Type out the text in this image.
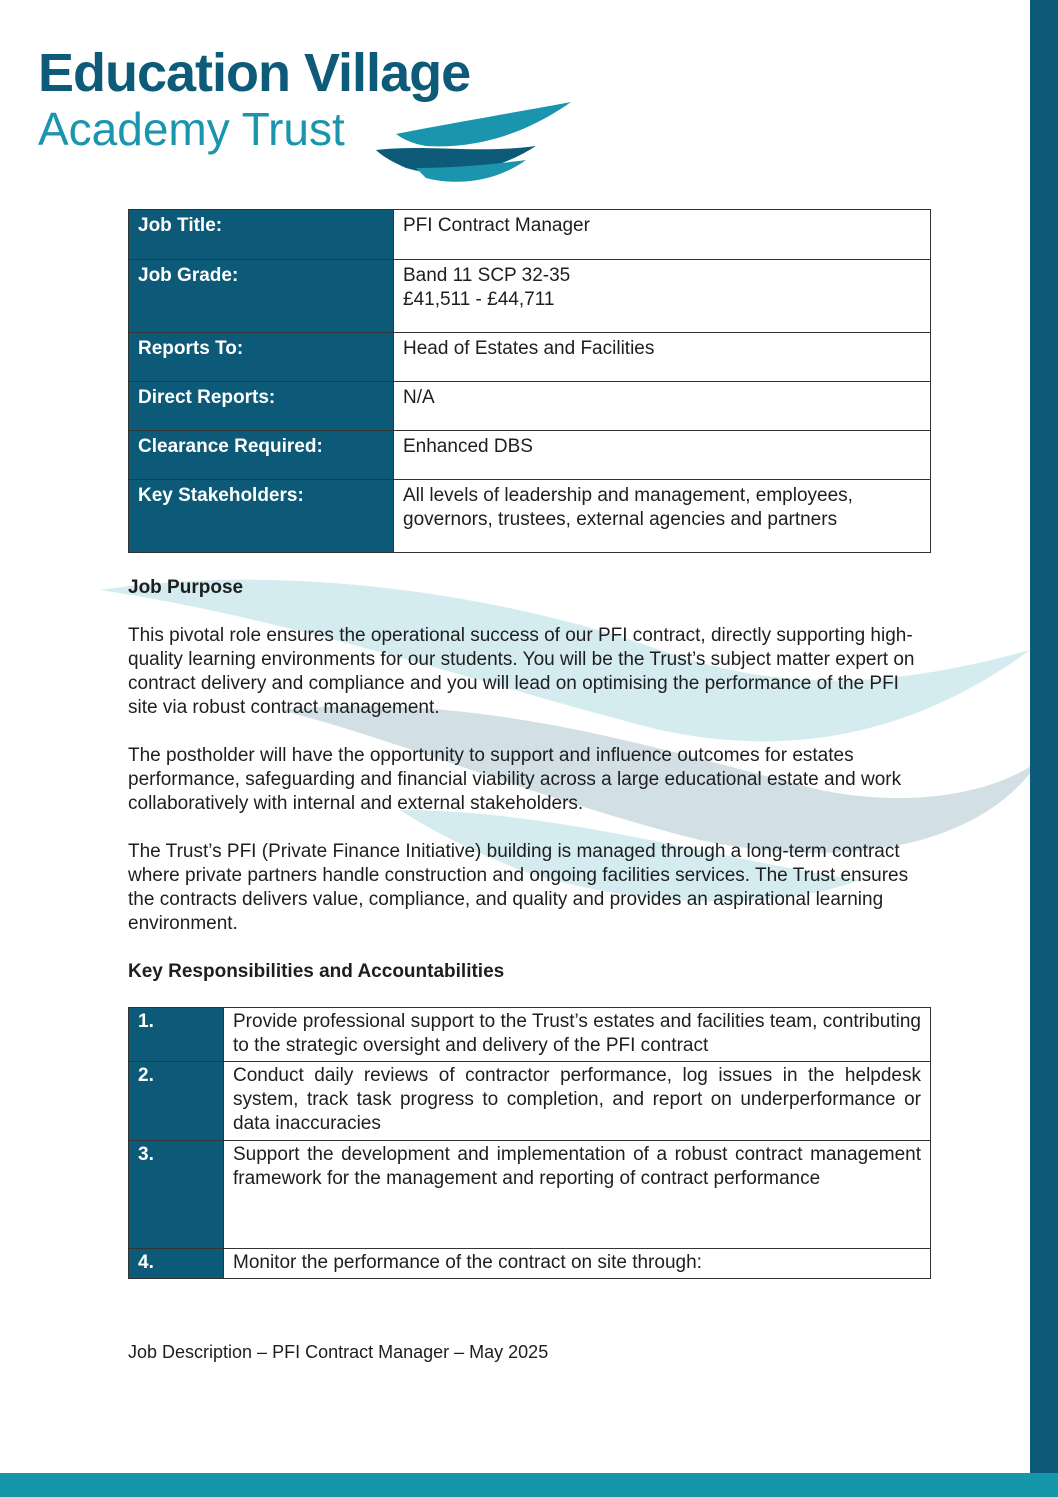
Education Village
Academy Trust
Job Title:	PFI Contract Manager

Job Grade:	Band 11 SCP 32-35
£41,511 - £44,711

Reports To:	Head of Estates and Facilities

Direct Reports:	N/A

Clearance Required:	Enhanced DBS

Key Stakeholders:	All levels of leadership and management, employees,
governors, trustees, external agencies and partners
Job Purpose
This pivotal role ensures the operational success of our PFI contract, directly supporting high-quality learning environments for our students. You will be the Trust’s subject matter expert on contract delivery and compliance and you will lead on optimising the performance of the PFI site via robust contract management.
The postholder will have the opportunity to support and influence outcomes for estates performance, safeguarding and financial viability across a large educational estate and work collaboratively with internal and external stakeholders.
The Trust’s PFI (Private Finance Initiative) building is managed through a long-term contract where private partners handle construction and ongoing facilities services. The Trust ensures the contracts delivers value, compliance, and quality and provides an aspirational learning environment.
Key Responsibilities and Accountabilities
1.	Provide professional support to the Trust’s estates and facilities team, contributing to the strategic oversight and delivery of the PFI contract
2.	Conduct daily reviews of contractor performance, log issues in the helpdesk system, track task progress to completion, and report on underperformance or data inaccuracies
3.	Support the development and implementation of a robust contract management framework for the management and reporting of contract performance
4.	Monitor the performance of the contract on site through:
Job Description – PFI Contract Manager – May 2025
